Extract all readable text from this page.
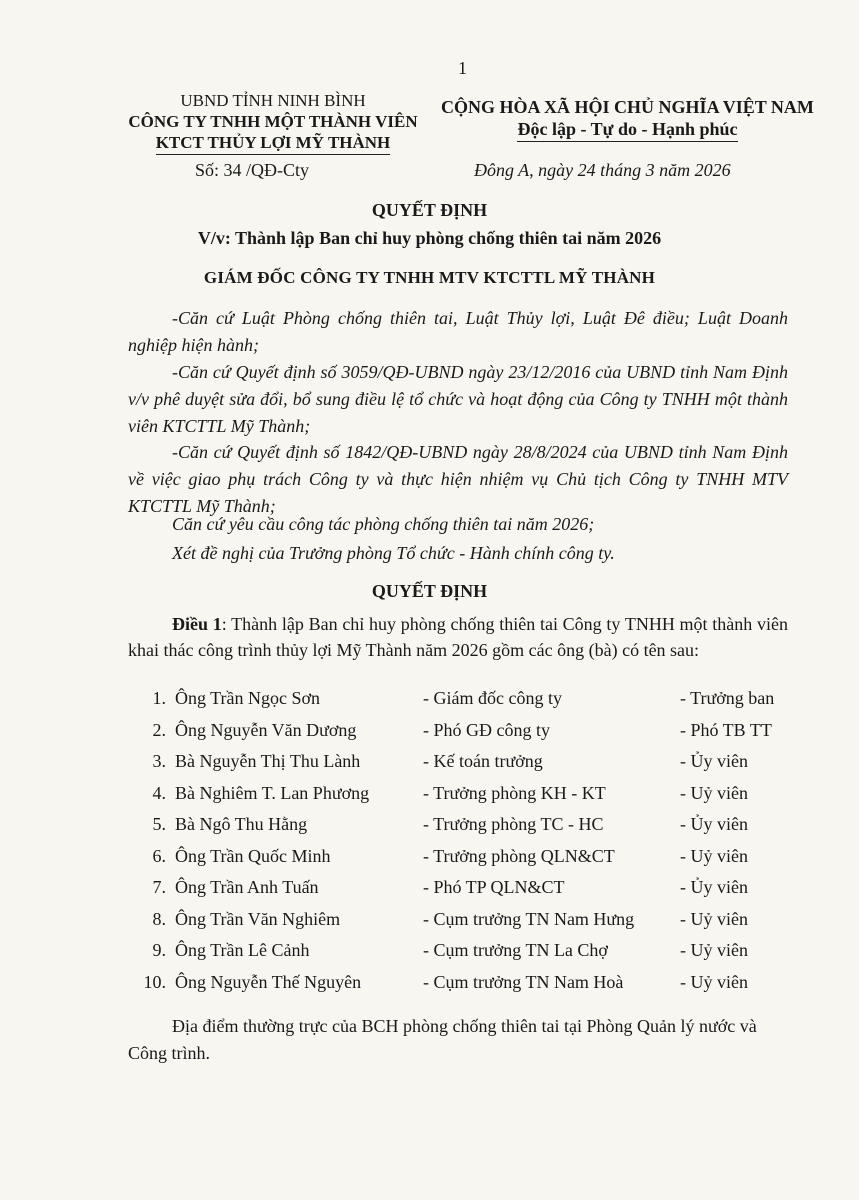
1
UBND TỈNH NINH BÌNH
CÔNG TY TNHH MỘT THÀNH VIÊN
KTCT THỦY LỢI MỸ THÀNH
CỘNG HÒA XÃ HỘI CHỦ NGHĨA VIỆT NAM
Độc lập - Tự do - Hạnh phúc
Số: 34 /QĐ-Cty	Đông A, ngày 24 tháng 3 năm 2026
QUYẾT ĐỊNH
V/v: Thành lập Ban chỉ huy phòng chống thiên tai năm 2026
GIÁM ĐỐC CÔNG TY TNHH MTV KTCTTL MỸ THÀNH
-Căn cứ Luật Phòng chống thiên tai, Luật Thủy lợi, Luật Đê điều; Luật Doanh nghiệp hiện hành;
-Căn cứ Quyết định số 3059/QĐ-UBND ngày 23/12/2016 của UBND tỉnh Nam Định v/v phê duyệt sửa đổi, bổ sung điều lệ tổ chức và hoạt động của Công ty TNHH một thành viên KTCTTL Mỹ Thành;
-Căn cứ Quyết định số 1842/QĐ-UBND ngày 28/8/2024 của UBND tỉnh Nam Định về việc giao phụ trách Công ty và thực hiện nhiệm vụ Chủ tịch Công ty TNHH MTV KTCTTL Mỹ Thành;
Căn cứ yêu cầu công tác phòng chống thiên tai năm 2026;
Xét đề nghị của Trưởng phòng Tổ chức - Hành chính công ty.
QUYẾT ĐỊNH
Điều 1: Thành lập Ban chỉ huy phòng chống thiên tai Công ty TNHH một thành viên khai thác công trình thủy lợi Mỹ Thành năm 2026 gồm các ông (bà) có tên sau:
1. Ông Trần Ngọc Sơn	- Giám đốc công ty	- Trưởng ban
2. Ông Nguyễn Văn Dương	- Phó GĐ công ty	- Phó TB TT
3. Bà Nguyễn Thị Thu Lành	- Kế toán trưởng	- Ủy viên
4. Bà Nghiêm T. Lan Phương	- Trưởng phòng KH - KT	- Uỷ viên
5. Bà Ngô Thu Hằng	- Trưởng phòng TC - HC	- Ủy viên
6. Ông Trần Quốc Minh	- Trưởng phòng QLN&CT	- Uỷ viên
7. Ông Trần Anh Tuấn	- Phó TP QLN&CT	- Ủy viên
8. Ông Trần Văn Nghiêm	- Cụm trưởng TN Nam Hưng	- Uỷ viên
9. Ông Trần Lê Cảnh	- Cụm trưởng TN La Chợ	- Uỷ viên
10. Ông Nguyễn Thế Nguyên	- Cụm trưởng TN Nam Hoà	- Uỷ viên
Địa điểm thường trực của BCH phòng chống thiên tai tại Phòng Quản lý nước và Công trình.
